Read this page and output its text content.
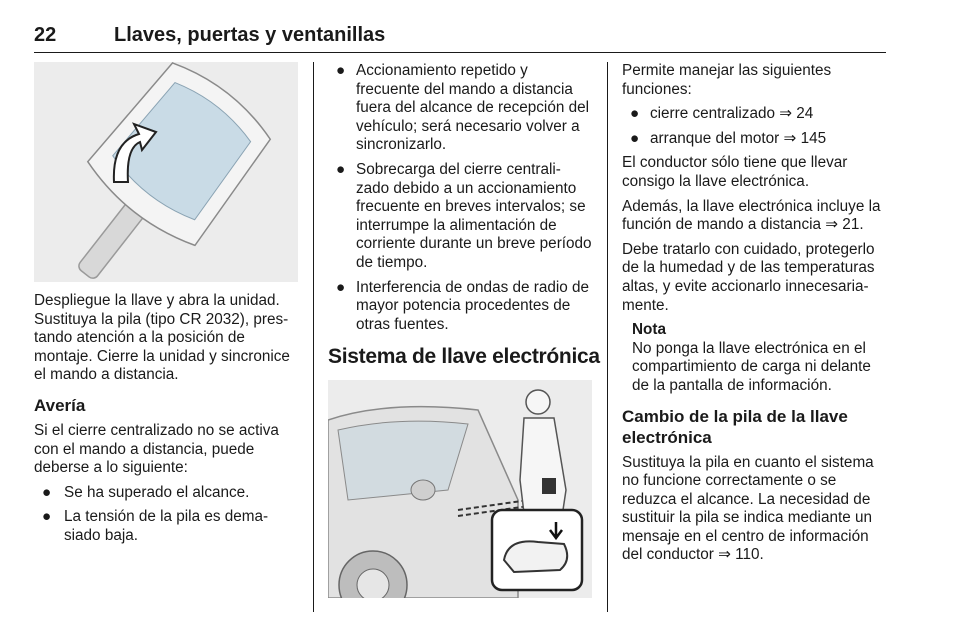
22	Llaves, puertas y ventanillas

Despliegue la llave y abra la unidad. Sustituya la pila (tipo CR 2032), pres-tando atención a la posición de montaje. Cierre la unidad y sincronice el mando a distancia.

Avería

Si el cierre centralizado no se activa con el mando a distancia, puede deberse a lo siguiente:

● Se ha superado el alcance.
● La tensión de la pila es dema-siado baja.
● Accionamiento repetido y frecuente del mando a distancia fuera del alcance de recepción del vehículo; será necesario volver a sincronizarlo.
● Sobrecarga del cierre centrali-zado debido a un accionamiento frecuente en breves intervalos; se interrumpe la alimentación de corriente durante un breve período de tiempo.
● Interferencia de ondas de radio de mayor potencia procedentes de otras fuentes.
Sistema de llave electrónica

Permite manejar las siguientes funciones:

● cierre centralizado ⇒ 24
● arranque del motor ⇒ 145

El conductor sólo tiene que llevar consigo la llave electrónica.

Además, la llave electrónica incluye la función de mando a distancia ⇒ 21.

Debe tratarlo con cuidado, protegerlo de la humedad y de las temperaturas altas, y evite accionarlo innecesaria-mente.

Nota
No ponga la llave electrónica en el compartimiento de carga ni delante de la pantalla de información.
Cambio de la pila de la llave electrónica

Sustituya la pila en cuanto el sistema no funcione correctamente o se reduzca el alcance. La necesidad de sustituir la pila se indica mediante un mensaje en el centro de información del conductor ⇒ 110.
